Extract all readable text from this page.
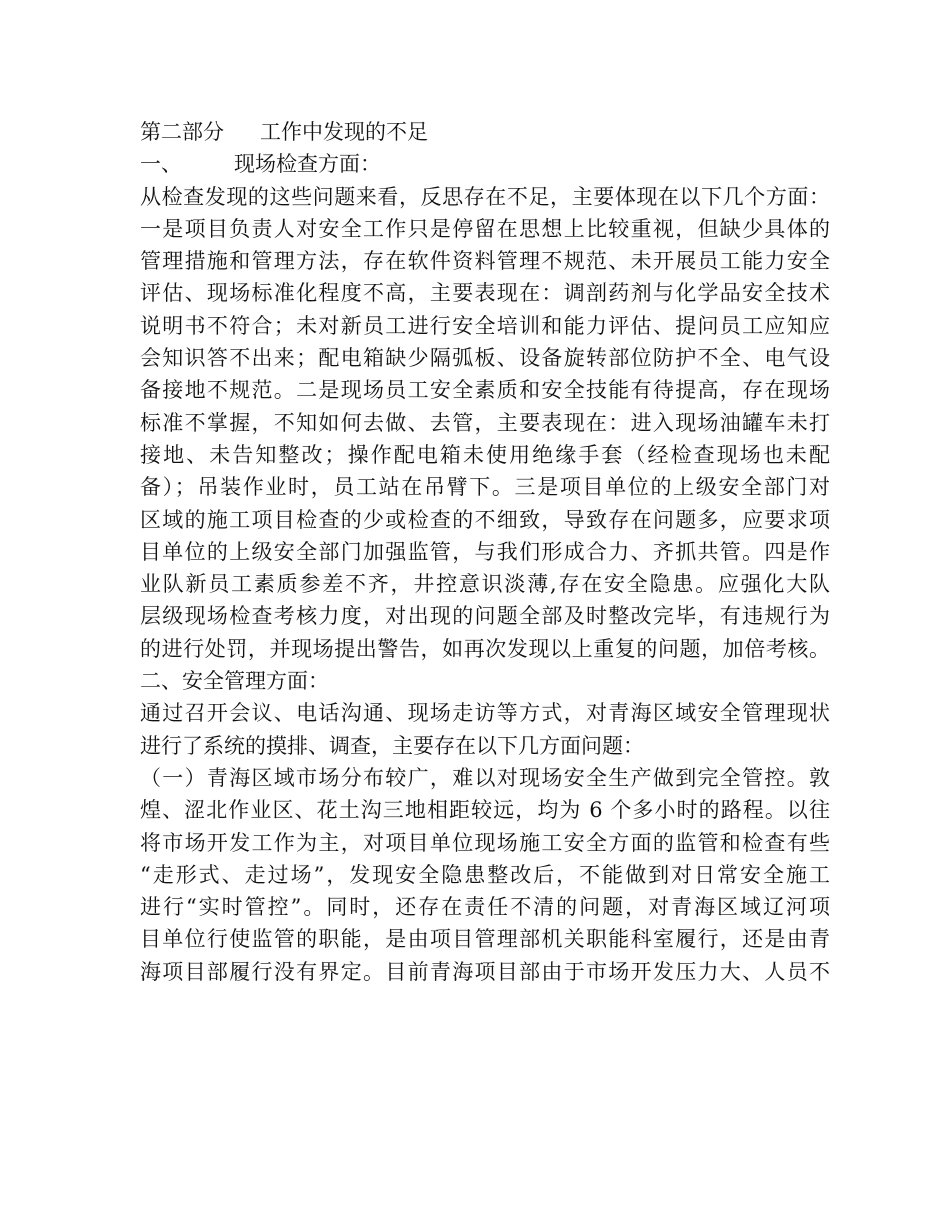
第二部分 工作中发现的不足
一、 现场检查方面：
从检查发现的这些问题来看，反思存在不足，主要体现在以下几个方面：
一是项目负责人对安全工作只是停留在思想上比较重视，但缺少具体的
管理措施和管理方法，存在软件资料管理不规范、未开展员工能力安全
评估、现场标准化程度不高，主要表现在：调剖药剂与化学品安全技术
说明书不符合；未对新员工进行安全培训和能力评估、提问员工应知应
会知识答不出来；配电箱缺少隔弧板、设备旋转部位防护不全、电气设
备接地不规范。二是现场员工安全素质和安全技能有待提高，存在现场
标准不掌握，不知如何去做、去管，主要表现在：进入现场油罐车未打
接地、未告知整改；操作配电箱未使用绝缘手套（经检查现场也未配
备）；吊装作业时，员工站在吊臂下。三是项目单位的上级安全部门对
区域的施工项目检查的少或检查的不细致，导致存在问题多，应要求项
目单位的上级安全部门加强监管，与我们形成合力、齐抓共管。四是作
业队新员工素质参差不齐，井控意识淡薄,存在安全隐患。应强化大队
层级现场检查考核力度，对出现的问题全部及时整改完毕，有违规行为
的进行处罚，并现场提出警告，如再次发现以上重复的问题，加倍考核。
二、安全管理方面：
通过召开会议、电话沟通、现场走访等方式，对青海区域安全管理现状
进行了系统的摸排、调查，主要存在以下几方面问题：
（一）青海区域市场分布较广，难以对现场安全生产做到完全管控。敦
煌、涩北作业区、花土沟三地相距较远，均为 6 个多小时的路程。以往
将市场开发工作为主，对项目单位现场施工安全方面的监管和检查有些
“走形式、走过场”，发现安全隐患整改后，不能做到对日常安全施工
进行“实时管控”。同时，还存在责任不清的问题，对青海区域辽河项
目单位行使监管的职能，是由项目管理部机关职能科室履行，还是由青
海项目部履行没有界定。目前青海项目部由于市场开发压力大、人员不
